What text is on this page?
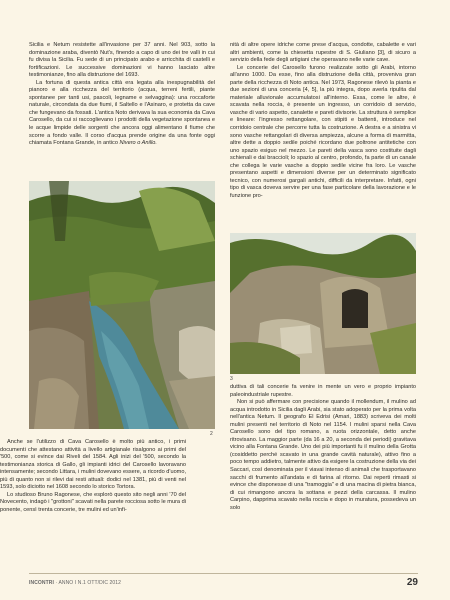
Sicilia e Netum resistette all'invasione per 37 anni. Nel 903, sotto la dominazione araba, diventò Nut's, finendo a capo di uno dei tre valli in cui fu divisa la Sicilia. Fu sede di un principato arabo e arricchita di castelli e fortificazioni. Le successive dominazioni vi hanno lasciato altre testimonianze, fino alla distruzione del 1693.

La fortuna di questa antica città era legata alla inespugnabilità del pianoro e alla ricchezza del territorio (acqua, terreni fertili, piante spontanee per tanti usi, pascoli, legname e selvaggina): una roccaforte naturale, circondata da due fiumi, il Saltello e l'Asinaro, e protetta da cave che fungevano da fossati. L'antica Noto derivava la sua economia da Cava Carosello, da cui si raccoglievano i prodotti della vegetazione spontanea e le acque limpide delle sorgenti che ancora oggi alimentano il fiume che scorre a fondo valle. Il corso d'acqua prende origine da una fonte oggi chiamata Fontana Grande, in antico Nivero o Anillo.

2

Anche se l'utilizzo di Cava Carosello è molto più antico, i primi documenti che attestano attività a livello artigianale risalgono ai primi del '500, come si evince dai Riveli del 1584. Agli inizi del '500, secondo la testimonianza storica di Gallo, gli impianti idrici del Carosello lavoravano intensamente; secondo Littara, i mulini dovevano essere, a ricordo d'uomo, più di quanto non si rilevi dai resti attuali: dodici nel 1381, più di venti nel 1593, solo diciotto nel 1608 secondo lo storico Tortora.

Lo studioso Bruno Ragonese, che esplorò questo sito negli anni '70 del Novecento, indagò i "grottoni" scavati nella parete rocciosa sotto le mura di ponente, censì trenta concerie, tre mulini ed un'infi-

nità di altre opere idriche come prese d'acqua, condotte, cabalette e vari altri ambienti, come la chiesetta rupestre di S. Giuliano [3], di sicuro a servizio della fede degli artigiani che operavano nelle varie cave.

Le concerie del Carosello furono realizzate sotto gli Arabi, intorno all'anno 1000. Da esse, fino alla distruzione della città, proveniva gran parte della ricchezza di Noto antica. Nel 1973, Ragonese rilevò la pianta e due sezioni di una conceria [4, 5], la più integra, dopo averla ripulita dal materiale alluvionale accumulatosi all'interno. Essa, come le altre, è scavata nella roccia, è presente un ingresso, un corridoio di servizio, vasche di vario aspetto, canalette e pareti divisorie. La struttura è semplice e lineare: l'ingresso rettangolare, con stipiti e battenti, introduce nel corridoio centrale che percorre tutta la costruzione. A destra e a sinistra vi sono vasche rettangolari di diversa ampiezza, alcune a forma di marmitta, altre dette a doppio sedile poiché ricordano due poltrone antitetiche con uno spazio esiguo nel mezzo. Le pareti della vasca sono costituite dagli schienali e dai braccioli; lo spazio al centro, profondo, fa parte di un canale che collega le varie vasche a doppio sedile vicine fra loro. Le vasche presentano aspetti e dimensioni diverse per un determinato significato tecnico, con numerosi gargali antichi, difficili da interpretare. Infatti, ogni tipo di vasca doveva servire per una fase particolare della lavorazione e le funzione pro-

3

duttiva di tali concerie fa venire in mente un vero e proprio impianto paleoindustriale rupestre.

Non si può affermare con precisione quando il mollendum, il mulino ad acqua introdotto in Sicilia dagli Arabi, sia stato adoperato per la prima volta nell'antica Netum. Il geografo El Edrisi (Amari, 1883) scriveva dei molti mulini presenti nel territorio di Noto nel 1154. I mulini sparsi nella Cava Carosello sono del tipo romano, a ruota orizzontale, detto anche ritrovisano. La maggior parte (da 16 a 20, a seconda dei periodi) gravitava vicino alla Fontana Grande. Uno dei più importanti fu il mulino della Grotta (cosiddetto perché scavato in una grande cavità naturale), attivo fino a poco tempo addietro, talmente attivo da esigere la costruzione della via dei Saccari, così denominata per il viavai intenso di animali che trasportavano sacchi di frumento all'andata e di farina al ritorno. Dai reperti rimasti si evince che disponesse di una "tramoggia" e di una macina di pietra bianca, di cui rimangono ancora la sottana e pezzi della carcassa. Il mulino Carpino, dapprima scavato nella roccia e dopo in muratura, possedeva un solo

INCONTRI · ANNO I N.1 OTT/DIC 2012	29
